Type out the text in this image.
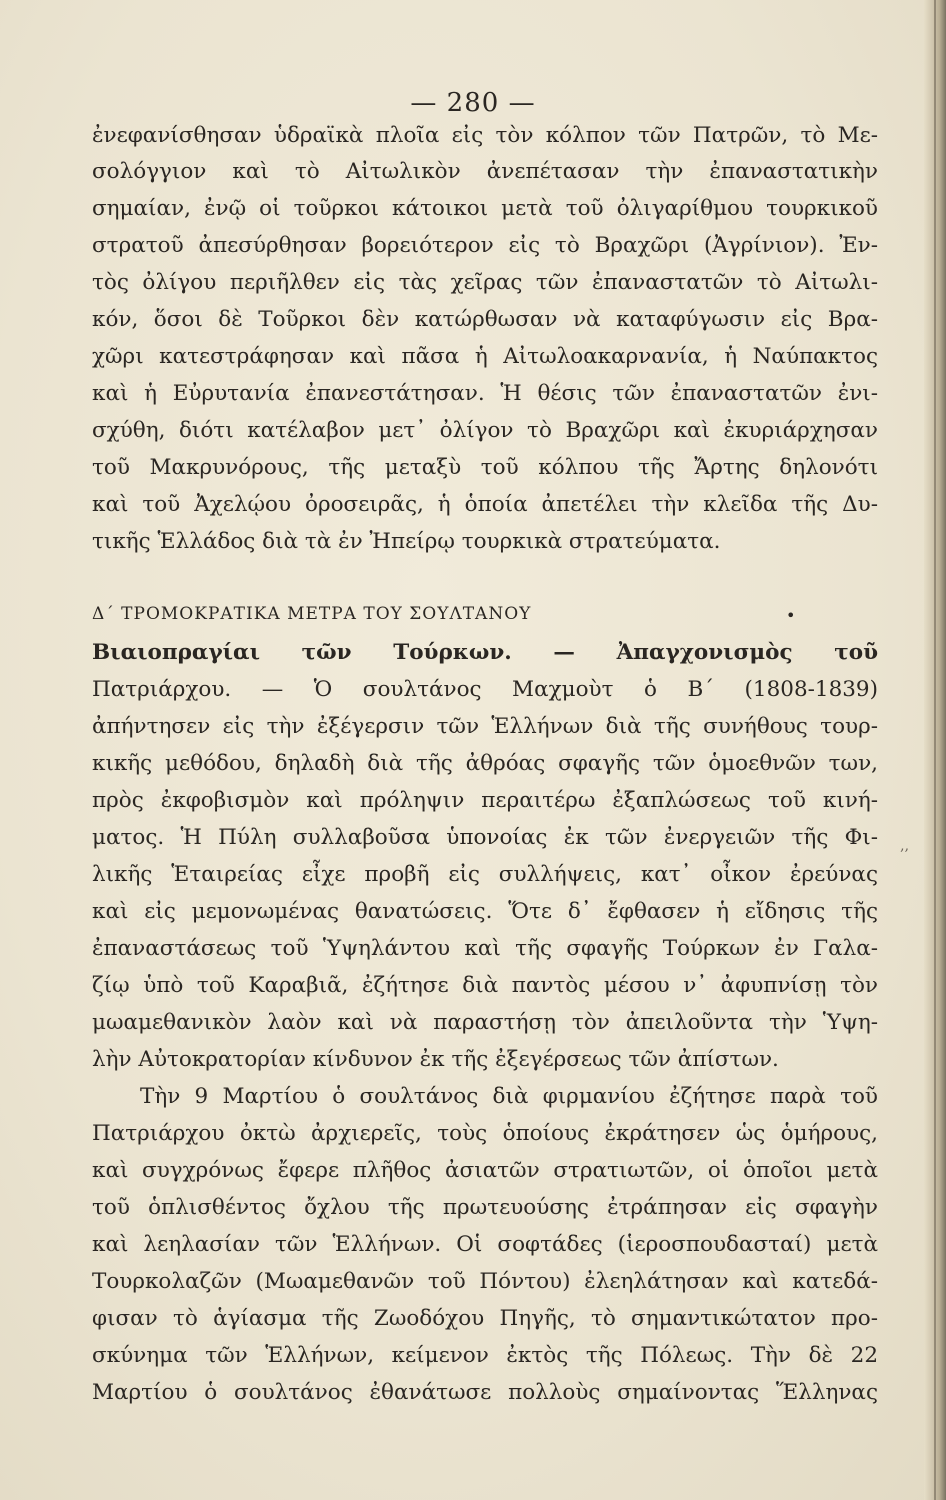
— 280 —
ἐνεφανίσθησαν ὑδραϊκὰ πλοῖα εἰς τὸν κόλπον τῶν Πατρῶν, τὸ Με-
σολόγγιον καὶ τὸ Αἰτωλικὸν ἀνεπέτασαν τὴν ἐπαναστατικὴν
σημαίαν, ἐνῷ οἱ τοῦρκοι κάτοικοι μετὰ τοῦ ὀλιγαρίθμου τουρκικοῦ
στρατοῦ ἀπεσύρθησαν βορειότερον εἰς τὸ Βραχῶρι (Ἀγρίνιον). Ἐν-
τὸς ὀλίγου περιῆλθεν εἰς τὰς χεῖρας τῶν ἐπαναστατῶν τὸ Αἰτωλι-
κόν, ὅσοι δὲ Τοῦρκοι δὲν κατώρθωσαν νὰ καταφύγωσιν εἰς Βρα-
χῶρι κατεστράφησαν καὶ πᾶσα ἡ Αἰτωλοακαρνανία, ἡ Ναύπακτος
καὶ ἡ Εὐρυτανία ἐπανεστάτησαν. Ἡ θέσις τῶν ἐπαναστατῶν ἐνι-
σχύθη, διότι κατέλαβον μετ᾿ ὀλίγον τὸ Βραχῶρι καὶ ἐκυριάρχησαν
τοῦ Μακρυνόρους, τῆς μεταξὺ τοῦ κόλπου τῆς Ἄρτης δηλονότι
καὶ τοῦ Ἀχελῴου ὀροσειρᾶς, ἡ ὁποία ἀπετέλει τὴν κλεῖδα τῆς Δυ-
τικῆς Ἑλλάδος διὰ τὰ ἐν Ἠπείρῳ τουρκικὰ στρατεύματα.
Δ΄ ΤΡΟΜΟΚΡΑΤΙΚΑ ΜΕΤΡΑ ΤΟΥ ΣΟΥΛΤΑΝΟΥ	•
Βιαιοπραγίαι τῶν Τούρκων. — Ἀπαγχονισμὸς τοῦ
Πατριάρχου. — Ὁ σουλτάνος Μαχμοὺτ ὁ Β΄ (1808-1839)
ἀπήντησεν εἰς τὴν ἐξέγερσιν τῶν Ἑλλήνων διὰ τῆς συνήθους τουρ-
κικῆς μεθόδου, δηλαδὴ διὰ τῆς ἀθρόας σφαγῆς τῶν ὁμοεθνῶν των,
πρὸς ἐκφοβισμὸν καὶ πρόληψιν περαιτέρω ἐξαπλώσεως τοῦ κινή-
ματος. Ἡ Πύλη συλλαβοῦσα ὑπονοίας ἐκ τῶν ἐνεργειῶν τῆς Φι-
λικῆς Ἑταιρείας εἶχε προβῆ εἰς συλλήψεις, κατ᾿ οἶκον ἐρεύνας
καὶ εἰς μεμονωμένας θανατώσεις. Ὅτε δ᾿ ἔφθασεν ἡ εἴδησις τῆς
ἐπαναστάσεως τοῦ Ὑψηλάντου καὶ τῆς σφαγῆς Τούρκων ἐν Γαλα-
ζίῳ ὑπὸ τοῦ Καραβιᾶ, ἐζήτησε διὰ παντὸς μέσου ν᾿ ἀφυπνίσῃ τὸν
μωαμεθανικὸν λαὸν καὶ νὰ παραστήσῃ τὸν ἀπειλοῦντα τὴν Ὑψη-
λὴν Αὐτοκρατορίαν κίνδυνον ἐκ τῆς ἐξεγέρσεως τῶν ἀπίστων.
Τὴν 9 Μαρτίου ὁ σουλτάνος διὰ φιρμανίου ἐζήτησε παρὰ τοῦ
Πατριάρχου ὀκτὼ ἀρχιερεῖς, τοὺς ὁποίους ἐκράτησεν ὡς ὁμήρους,
καὶ συγχρόνως ἔφερε πλῆθος ἀσιατῶν στρατιωτῶν, οἱ ὁποῖοι μετὰ
τοῦ ὁπλισθέντος ὄχλου τῆς πρωτευούσης ἐτράπησαν εἰς σφαγὴν
καὶ λεηλασίαν τῶν Ἑλλήνων. Οἱ σοφτάδες (ἱεροσπουδασταί) μετὰ
Τουρκολαζῶν (Μωαμεθανῶν τοῦ Πόντου) ἐλεηλάτησαν καὶ κατεδά-
φισαν τὸ ἁγίασμα τῆς Ζωοδόχου Πηγῆς, τὸ σημαντικώτατον προ-
σκύνημα τῶν Ἑλλήνων, κείμενον ἐκτὸς τῆς Πόλεως. Τὴν δὲ 22
Μαρτίου ὁ σουλτάνος ἐθανάτωσε πολλοὺς σημαίνοντας Ἕλληνας
‚‚
